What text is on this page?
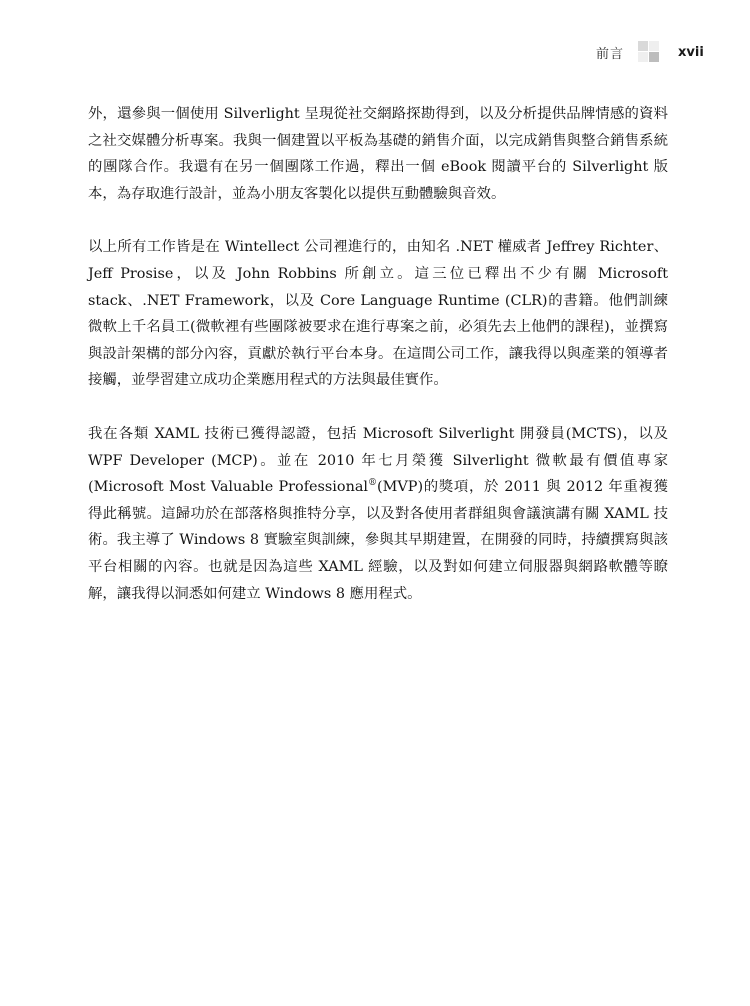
前言	xvii

外，還參與一個使用 Silverlight 呈現從社交網路探勘得到，以及分析提供品牌情感的資料之社交媒體分析專案。我與一個建置以平板為基礎的銷售介面，以完成銷售與整合銷售系統的團隊合作。我還有在另一個團隊工作過，釋出一個 eBook 閱讀平台的 Silverlight 版本，為存取進行設計，並為小朋友客製化以提供互動體驗與音效。

以上所有工作皆是在 Wintellect 公司裡進行的，由知名 .NET 權威者 Jeffrey Richter、Jeff Prosise，以及 John Robbins 所創立。這三位已釋出不少有關 Microsoft stack、.NET Framework，以及 Core Language Runtime (CLR)的書籍。他們訓練微軟上千名員工(微軟裡有些團隊被要求在進行專案之前，必須先去上他們的課程)，並撰寫與設計架構的部分內容，貢獻於執行平台本身。在這間公司工作，讓我得以與產業的領導者接觸，並學習建立成功企業應用程式的方法與最佳實作。

我在各類 XAML 技術已獲得認證，包括 Microsoft Silverlight 開發員(MCTS)，以及 WPF Developer (MCP)。並在 2010 年七月榮獲 Silverlight 微軟最有價值專家(Microsoft Most Valuable Professional®(MVP)的獎項，於 2011 與 2012 年重複獲得此稱號。這歸功於在部落格與推特分享，以及對各使用者群組與會議演講有關 XAML 技術。我主導了 Windows 8 實驗室與訓練，參與其早期建置，在開發的同時，持續撰寫與該平台相關的內容。也就是因為這些 XAML 經驗，以及對如何建立伺服器與網路軟體等瞭解，讓我得以洞悉如何建立 Windows 8 應用程式。
